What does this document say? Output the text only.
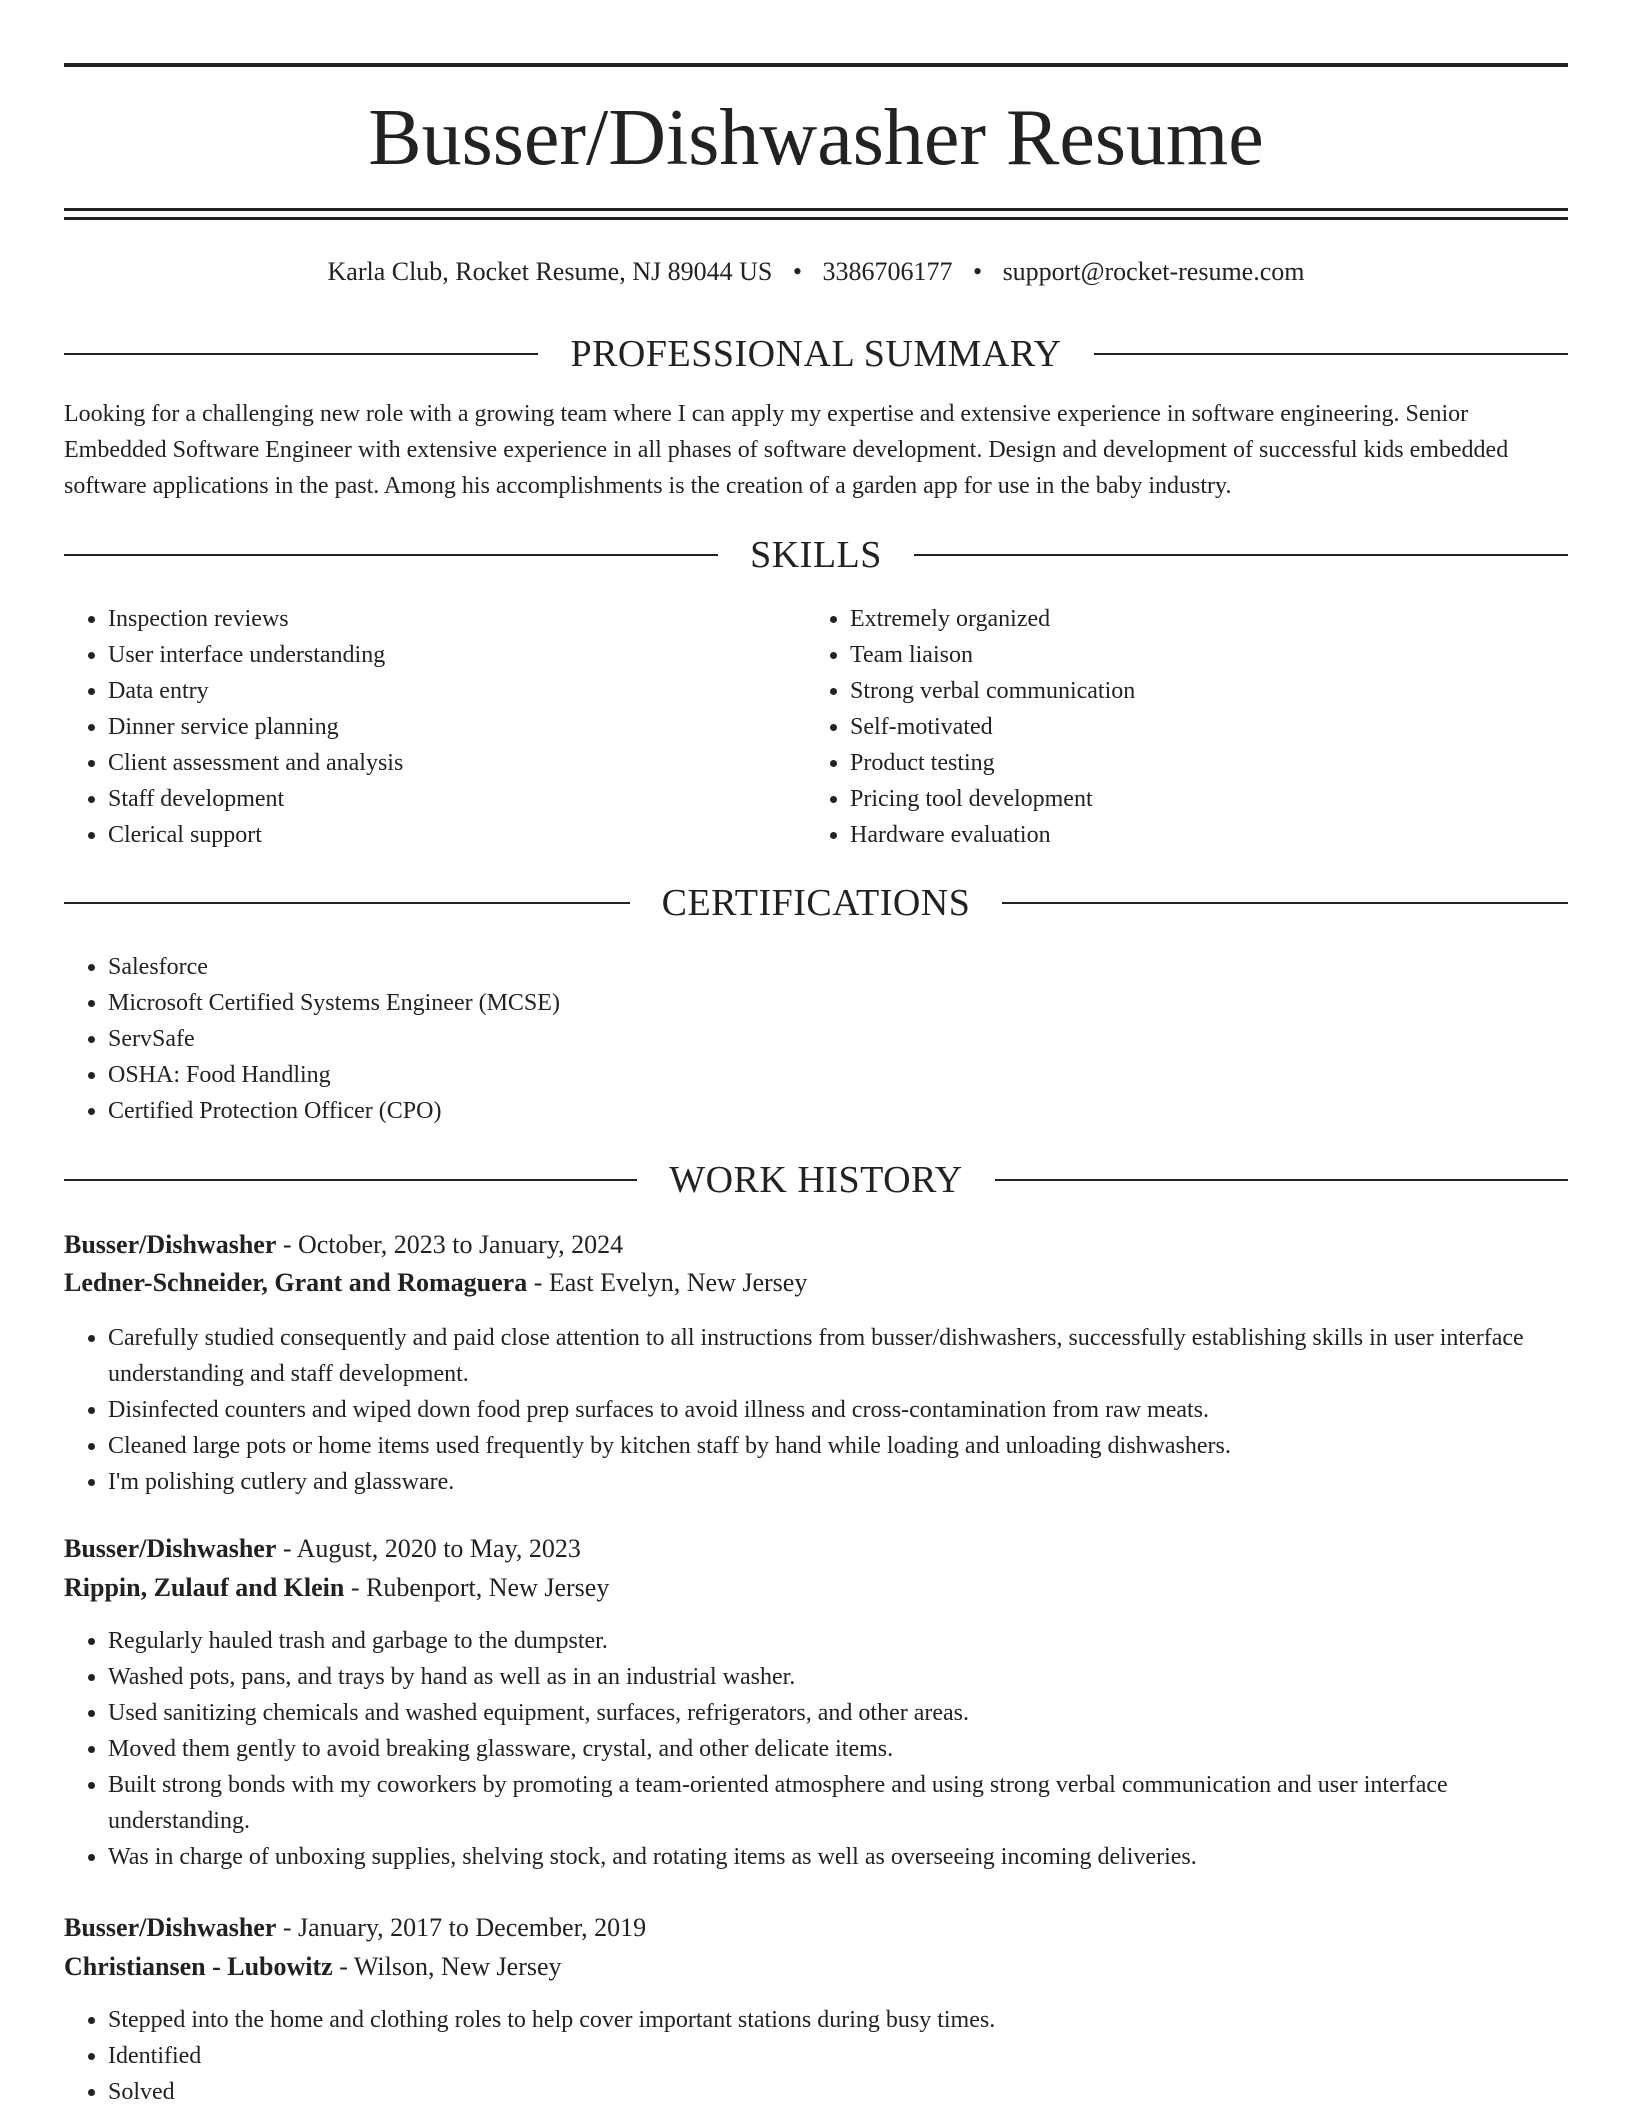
Busser/Dishwasher Resume
Karla Club, Rocket Resume, NJ 89044 US • 3386706177 • support@rocket-resume.com
PROFESSIONAL SUMMARY

Looking for a challenging new role with a growing team where I can apply my expertise and extensive experience in software engineering. Senior Embedded Software Engineer with extensive experience in all phases of software development. Design and development of successful kids embedded software applications in the past. Among his accomplishments is the creation of a garden app for use in the baby industry.

SKILLS
• Inspection reviews
• User interface understanding
• Data entry
• Dinner service planning
• Client assessment and analysis
• Staff development
• Clerical support
• Extremely organized
• Team liaison
• Strong verbal communication
• Self-motivated
• Product testing
• Pricing tool development
• Hardware evaluation
CERTIFICATIONS
• Salesforce
• Microsoft Certified Systems Engineer (MCSE)
• ServSafe
• OSHA: Food Handling
• Certified Protection Officer (CPO)
WORK HISTORY
Busser/Dishwasher - October, 2023 to January, 2024
Ledner-Schneider, Grant and Romaguera - East Evelyn, New Jersey
• Carefully studied consequently and paid close attention to all instructions from busser/dishwashers, successfully establishing skills in user interface understanding and staff development.
• Disinfected counters and wiped down food prep surfaces to avoid illness and cross-contamination from raw meats.
• Cleaned large pots or home items used frequently by kitchen staff by hand while loading and unloading dishwashers.
• I'm polishing cutlery and glassware.
Busser/Dishwasher - August, 2020 to May, 2023
Rippin, Zulauf and Klein - Rubenport, New Jersey
• Regularly hauled trash and garbage to the dumpster.
• Washed pots, pans, and trays by hand as well as in an industrial washer.
• Used sanitizing chemicals and washed equipment, surfaces, refrigerators, and other areas.
• Moved them gently to avoid breaking glassware, crystal, and other delicate items.
• Built strong bonds with my coworkers by promoting a team-oriented atmosphere and using strong verbal communication and user interface understanding.
• Was in charge of unboxing supplies, shelving stock, and rotating items as well as overseeing incoming deliveries.
Busser/Dishwasher - January, 2017 to December, 2019
Christiansen - Lubowitz - Wilson, New Jersey
• Stepped into the home and clothing roles to help cover important stations during busy times.
• Identified
• Solved
